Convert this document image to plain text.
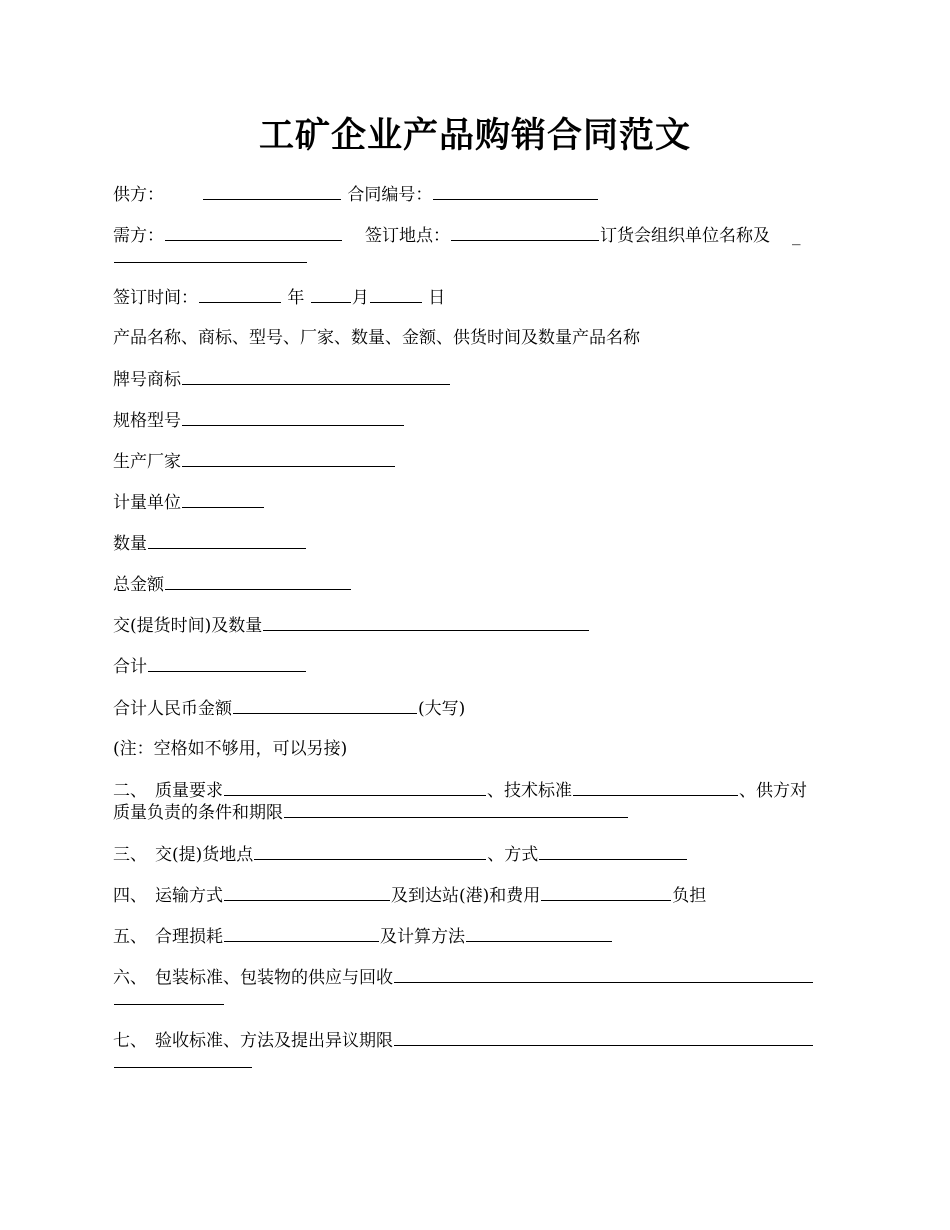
工矿企业产品购销合同范文
供方：	合同编号：
需方：	签订地点：	订货会组织单位名称及 _
签订时间：	年	月	日
产品名称、商标、型号、厂家、数量、金额、供货时间及数量产品名称
牌号商标
规格型号
生产厂家
计量单位
数量
总金额
交(提货时间)及数量
合计
合计人民币金额	(大写)
(注：空格如不够用，可以另接)
二、 质量要求	、技术标准	、供方对
质量负责的条件和期限
三、 交(提)货地点	、方式
四、 运输方式	及到达站(港)和费用	负担
五、 合理损耗	及计算方法
六、 包装标准、包装物的供应与回收
七、 验收标准、方法及提出异议期限
